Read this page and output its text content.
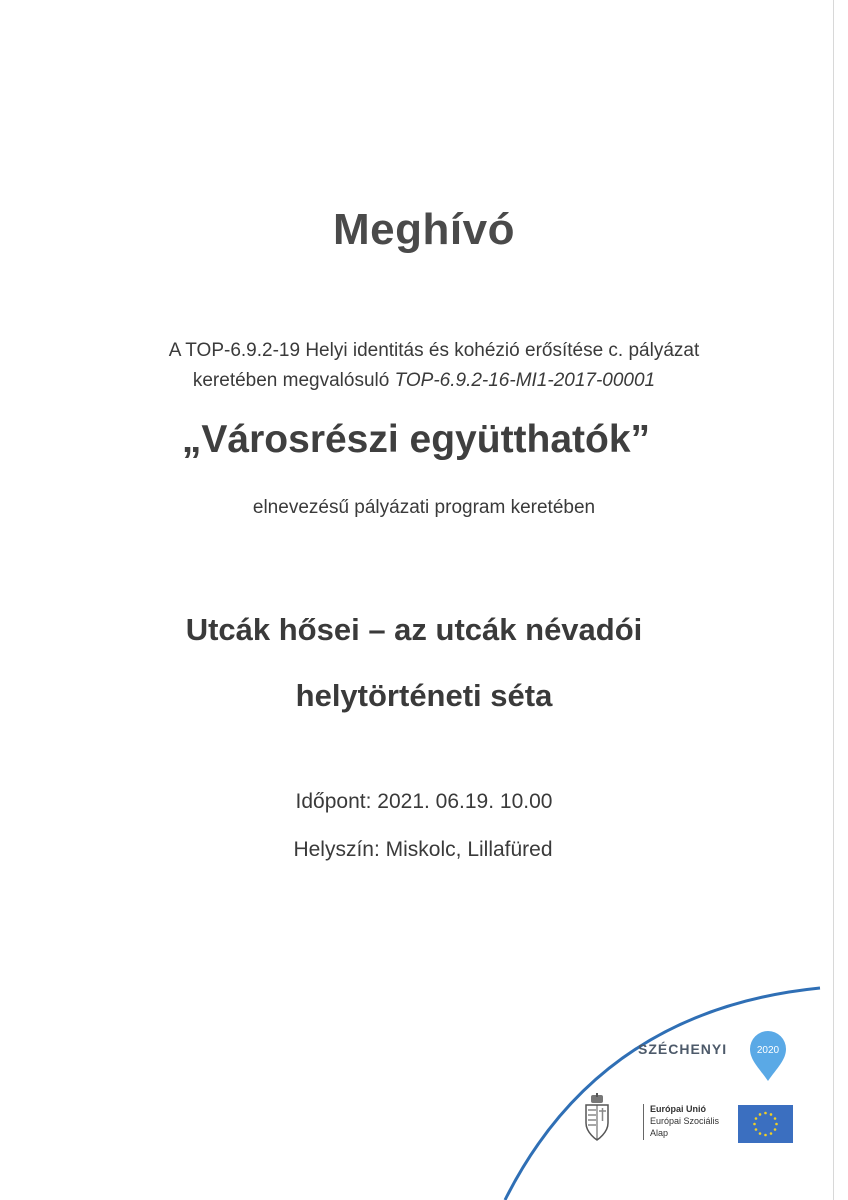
Meghívó
A TOP-6.9.2-19 Helyi identitás és kohézió erősítése c. pályázat
keretében megvalósuló TOP-6.9.2-16-MI1-2017-00001
„Városrészi együtthatók”
elnevezésű pályázati program keretében
Utcák hősei – az utcák névadói
helytörténeti séta
Időpont: 2021. 06.19. 10.00
Helyszín: Miskolc, Lillafüred
SZÉCHENYI	2020
Európai Unió
Európai Szociális
Alap
